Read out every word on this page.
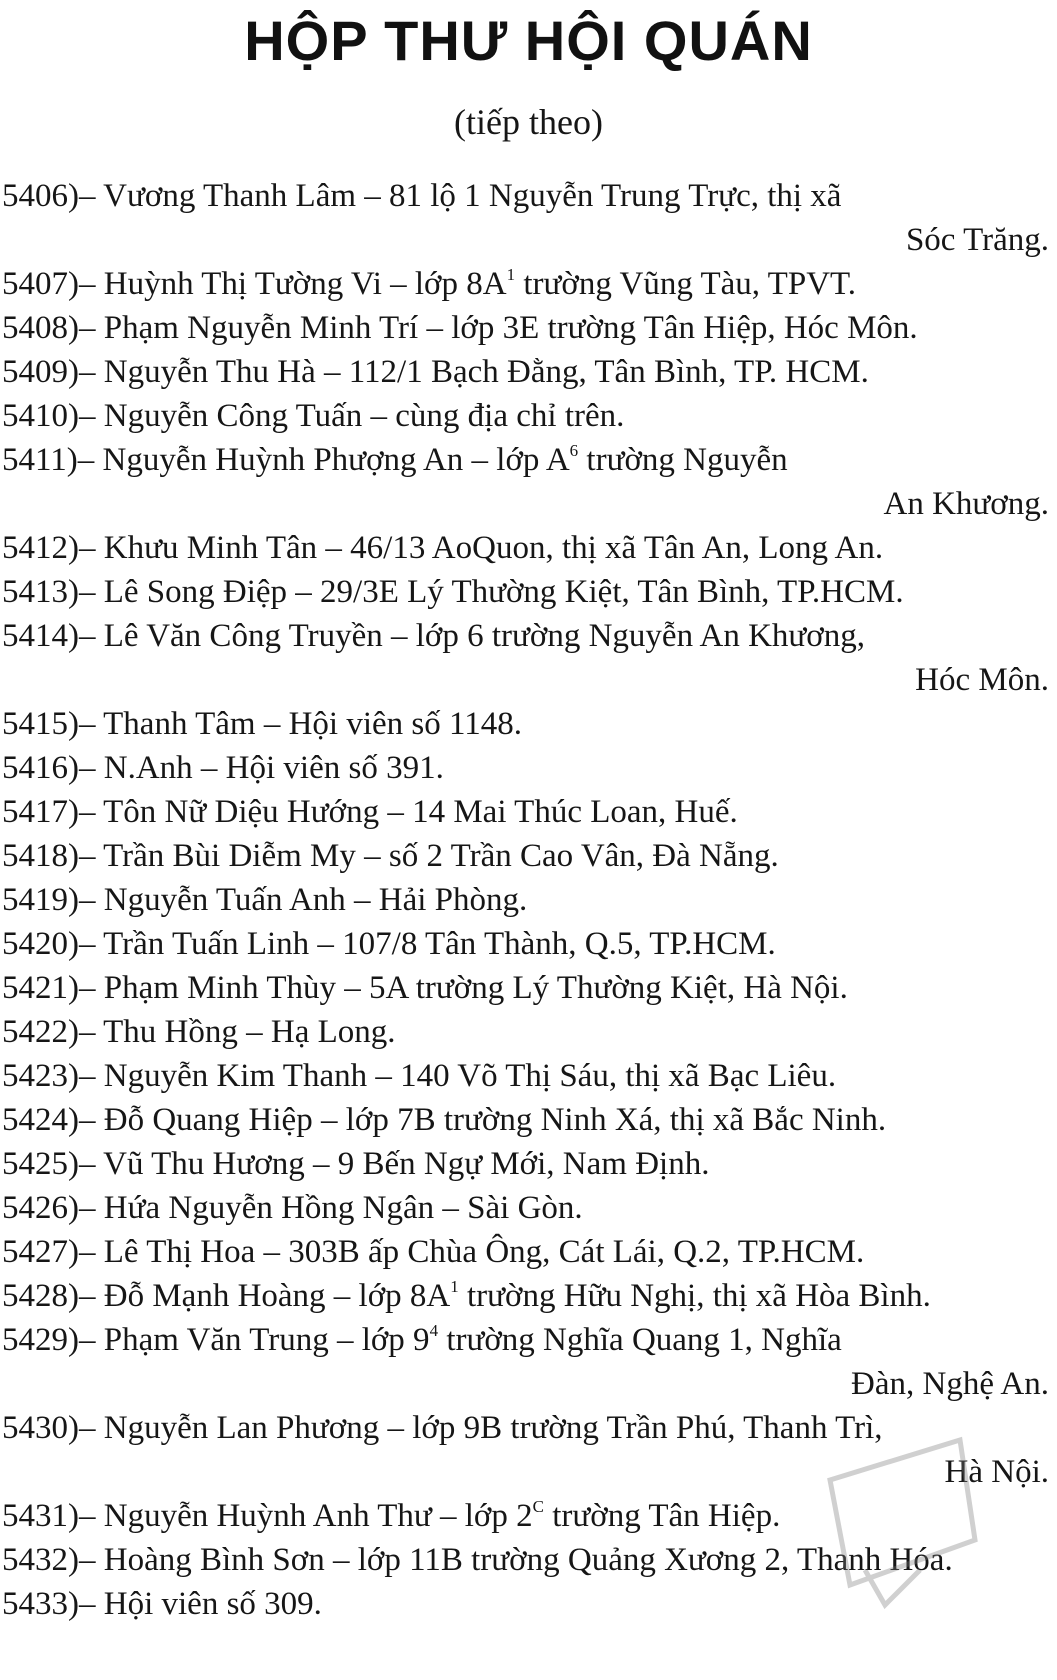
HỘP THƯ HỘI QUÁN
(tiếp theo)
5406)– Vương Thanh Lâm – 81 lộ 1 Nguyễn Trung Trực, thị xã
Sóc Trăng.
5407)– Huỳnh Thị Tường Vi – lớp $8A^1$ trường Vũng Tàu, TPVT.
5408)– Phạm Nguyễn Minh Trí – lớp 3E trường Tân Hiệp, Hóc Môn.
5409)– Nguyễn Thu Hà – 112/1 Bạch Đằng, Tân Bình, TP. HCM.
5410)– Nguyễn Công Tuấn – cùng địa chỉ trên.
5411)– Nguyễn Huỳnh Phượng An – lớp $A^6$ trường Nguyễn
An Khương.
5412)– Khưu Minh Tân – 46/13 AoQuon, thị xã Tân An, Long An.
5413)– Lê Song Điệp – 29/3E Lý Thường Kiệt, Tân Bình, TP.HCM.
5414)– Lê Văn Công Truyền – lớp 6 trường Nguyễn An Khương,
Hóc Môn.
5415)– Thanh Tâm – Hội viên số 1148.
5416)– N.Anh – Hội viên số 391.
5417)– Tôn Nữ Diệu Hướng – 14 Mai Thúc Loan, Huế.
5418)– Trần Bùi Diễm My – số 2 Trần Cao Vân, Đà Nẵng.
5419)– Nguyễn Tuấn Anh – Hải Phòng.
5420)– Trần Tuấn Linh – 107/8 Tân Thành, Q.5, TP.HCM.
5421)– Phạm Minh Thùy – 5A trường Lý Thường Kiệt, Hà Nội.
5422)– Thu Hồng – Hạ Long.
5423)– Nguyễn Kim Thanh – 140 Võ Thị Sáu, thị xã Bạc Liêu.
5424)– Đỗ Quang Hiệp – lớp 7B trường Ninh Xá, thị xã Bắc Ninh.
5425)– Vũ Thu Hương – 9 Bến Ngự Mới, Nam Định.
5426)– Hứa Nguyễn Hồng Ngân – Sài Gòn.
5427)– Lê Thị Hoa – 303B ấp Chùa Ông, Cát Lái, Q.2, TP.HCM.
5428)– Đỗ Mạnh Hoàng – lớp $8A^1$ trường Hữu Nghị, thị xã Hòa Bình.
5429)– Phạm Văn Trung – lớp $9^4$ trường Nghĩa Quang 1, Nghĩa
Đàn, Nghệ An.
5430)– Nguyễn Lan Phương – lớp 9B trường Trần Phú, Thanh Trì,
Hà Nội.
5431)– Nguyễn Huỳnh Anh Thư – lớp $2^C$ trường Tân Hiệp.
5432)– Hoàng Bình Sơn – lớp 11B trường Quảng Xương 2, Thanh Hóa.
5433)– Hội viên số 309.
